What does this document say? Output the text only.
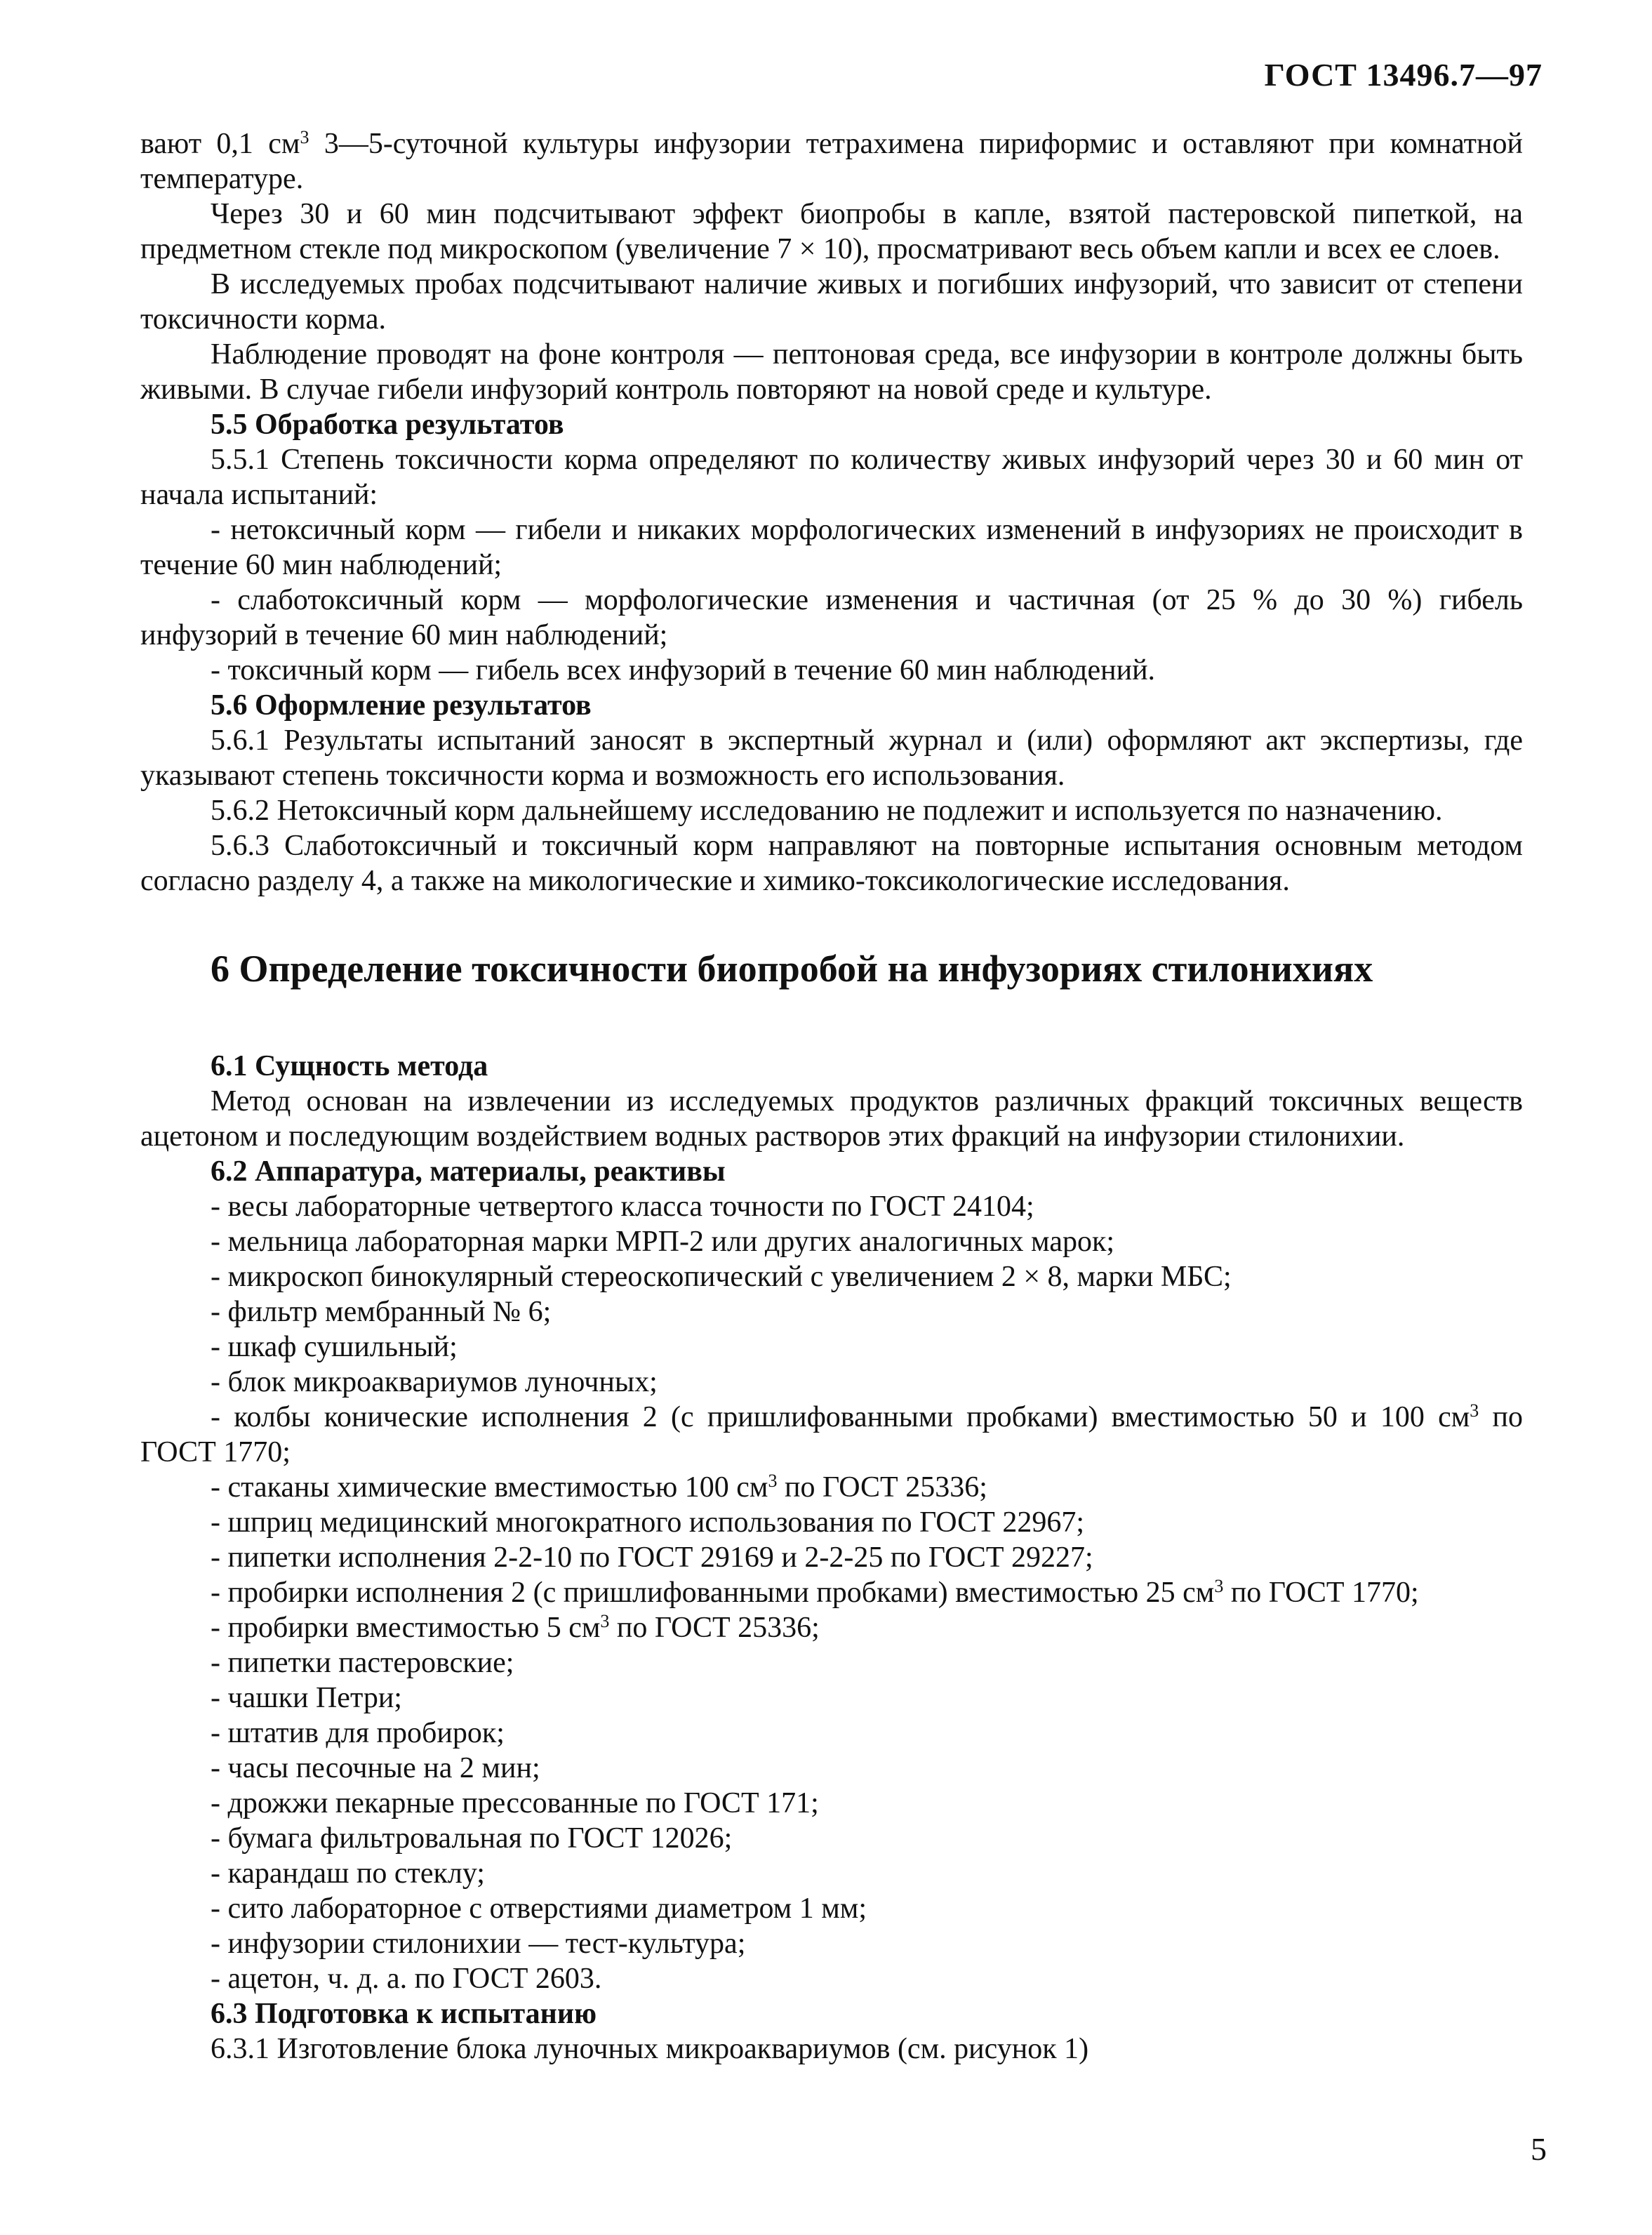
ГОСТ 13496.7—97

вают 0,1 $см^3$ 3—5-суточной культуры инфузории тетрахимена пириформис и оставляют при комнатной температуре.

Через 30 и 60 мин подсчитывают эффект биопробы в капле, взятой пастеровской пипеткой, на предметном стекле под микроскопом (увеличение 7 × 10), просматривают весь объем капли и всех ее слоев.

В исследуемых пробах подсчитывают наличие живых и погибших инфузорий, что зависит от степени токсичности корма.

Наблюдение проводят на фоне контроля — пептоновая среда, все инфузории в контроле должны быть живыми. В случае гибели инфузорий контроль повторяют на новой среде и культуре.

5.5 Обработка результатов

5.5.1 Степень токсичности корма определяют по количеству живых инфузорий через 30 и 60 мин от начала испытаний:

- нетоксичный корм — гибели и никаких морфологических изменений в инфузориях не происходит в течение 60 мин наблюдений;

- слаботоксичный корм — морфологические изменения и частичная (от 25 % до 30 %) гибель инфузорий в течение 60 мин наблюдений;

- токсичный корм — гибель всех инфузорий в течение 60 мин наблюдений.

5.6 Оформление результатов

5.6.1 Результаты испытаний заносят в экспертный журнал и (или) оформляют акт экспертизы, где указывают степень токсичности корма и возможность его использования.

5.6.2 Нетоксичный корм дальнейшему исследованию не подлежит и используется по назначению.

5.6.3 Слаботоксичный и токсичный корм направляют на повторные испытания основным методом согласно разделу 4, а также на микологические и химико-токсикологические исследования.

6 Определение токсичности биопробой на инфузориях стилонихиях

6.1 Сущность метода

Метод основан на извлечении из исследуемых продуктов различных фракций токсичных веществ ацетоном и последующим воздействием водных растворов этих фракций на инфузории стилонихии.

6.2 Аппаратура, материалы, реактивы

- весы лабораторные четвертого класса точности по ГОСТ 24104;
- мельница лабораторная марки МРП-2 или других аналогичных марок;
- микроскоп бинокулярный стереоскопический с увеличением 2 × 8, марки МБС;
- фильтр мембранный № 6;
- шкаф сушильный;
- блок микроаквариумов луночных;
- колбы конические исполнения 2 (с пришлифованными пробками) вместимостью 50 и 100 $см^3$ по ГОСТ 1770;
- стаканы химические вместимостью 100 $см^3$ по ГОСТ 25336;
- шприц медицинский многократного использования по ГОСТ 22967;
- пипетки исполнения 2-2-10 по ГОСТ 29169 и 2-2-25 по ГОСТ 29227;
- пробирки исполнения 2 (с пришлифованными пробками) вместимостью 25 $см^3$ по ГОСТ 1770;
- пробирки вместимостью 5 $см^3$ по ГОСТ 25336;
- пипетки пастеровские;
- чашки Петри;
- штатив для пробирок;
- часы песочные на 2 мин;
- дрожжи пекарные прессованные по ГОСТ 171;
- бумага фильтровальная по ГОСТ 12026;
- карандаш по стеклу;
- сито лабораторное с отверстиями диаметром 1 мм;
- инфузории стилонихии — тест-культура;
- ацетон, ч. д. а. по ГОСТ 2603.

6.3 Подготовка к испытанию

6.3.1 Изготовление блока луночных микроаквариумов (см. рисунок 1)

5
